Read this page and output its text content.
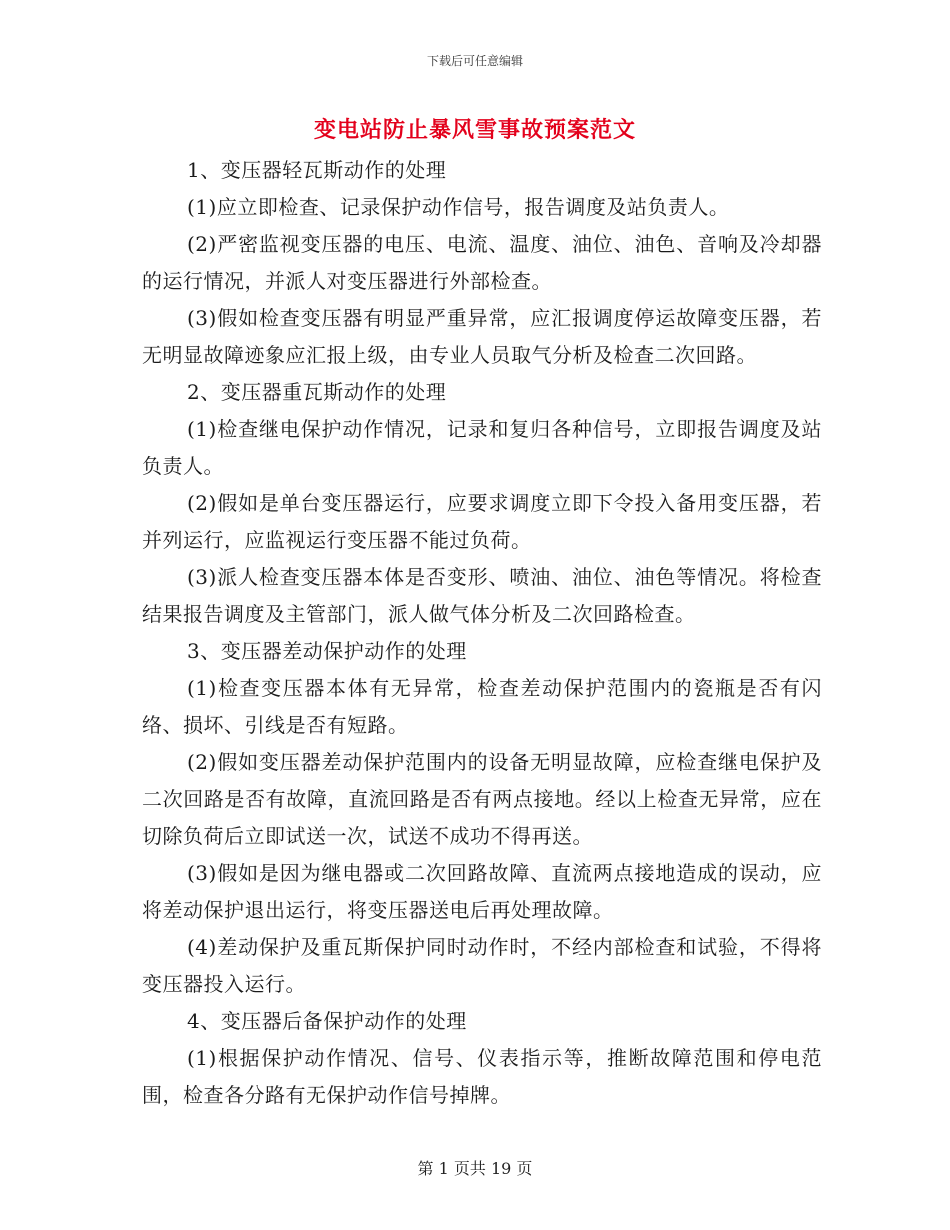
下载后可任意编辑
变电站防止暴风雪事故预案范文

1、变压器轻瓦斯动作的处理

(1)应立即检查、记录保护动作信号，报告调度及站负责人。

(2)严密监视变压器的电压、电流、温度、油位、油色、音响及冷却器的运行情况，并派人对变压器进行外部检查。

(3)假如检查变压器有明显严重异常，应汇报调度停运故障变压器，若无明显故障迹象应汇报上级，由专业人员取气分析及检查二次回路。

2、变压器重瓦斯动作的处理

(1)检查继电保护动作情况，记录和复归各种信号，立即报告调度及站负责人。

(2)假如是单台变压器运行，应要求调度立即下令投入备用变压器，若并列运行，应监视运行变压器不能过负荷。

(3)派人检查变压器本体是否变形、喷油、油位、油色等情况。将检查结果报告调度及主管部门，派人做气体分析及二次回路检查。

3、变压器差动保护动作的处理

(1)检查变压器本体有无异常，检查差动保护范围内的瓷瓶是否有闪络、损坏、引线是否有短路。

(2)假如变压器差动保护范围内的设备无明显故障，应检查继电保护及二次回路是否有故障，直流回路是否有两点接地。经以上检查无异常，应在切除负荷后立即试送一次，试送不成功不得再送。

(3)假如是因为继电器或二次回路故障、直流两点接地造成的误动，应将差动保护退出运行，将变压器送电后再处理故障。

(4)差动保护及重瓦斯保护同时动作时，不经内部检查和试验，不得将变压器投入运行。

4、变压器后备保护动作的处理

(1)根据保护动作情况、信号、仪表指示等，推断故障范围和停电范围，检查各分路有无保护动作信号掉牌。

第 1 页共 19 页
